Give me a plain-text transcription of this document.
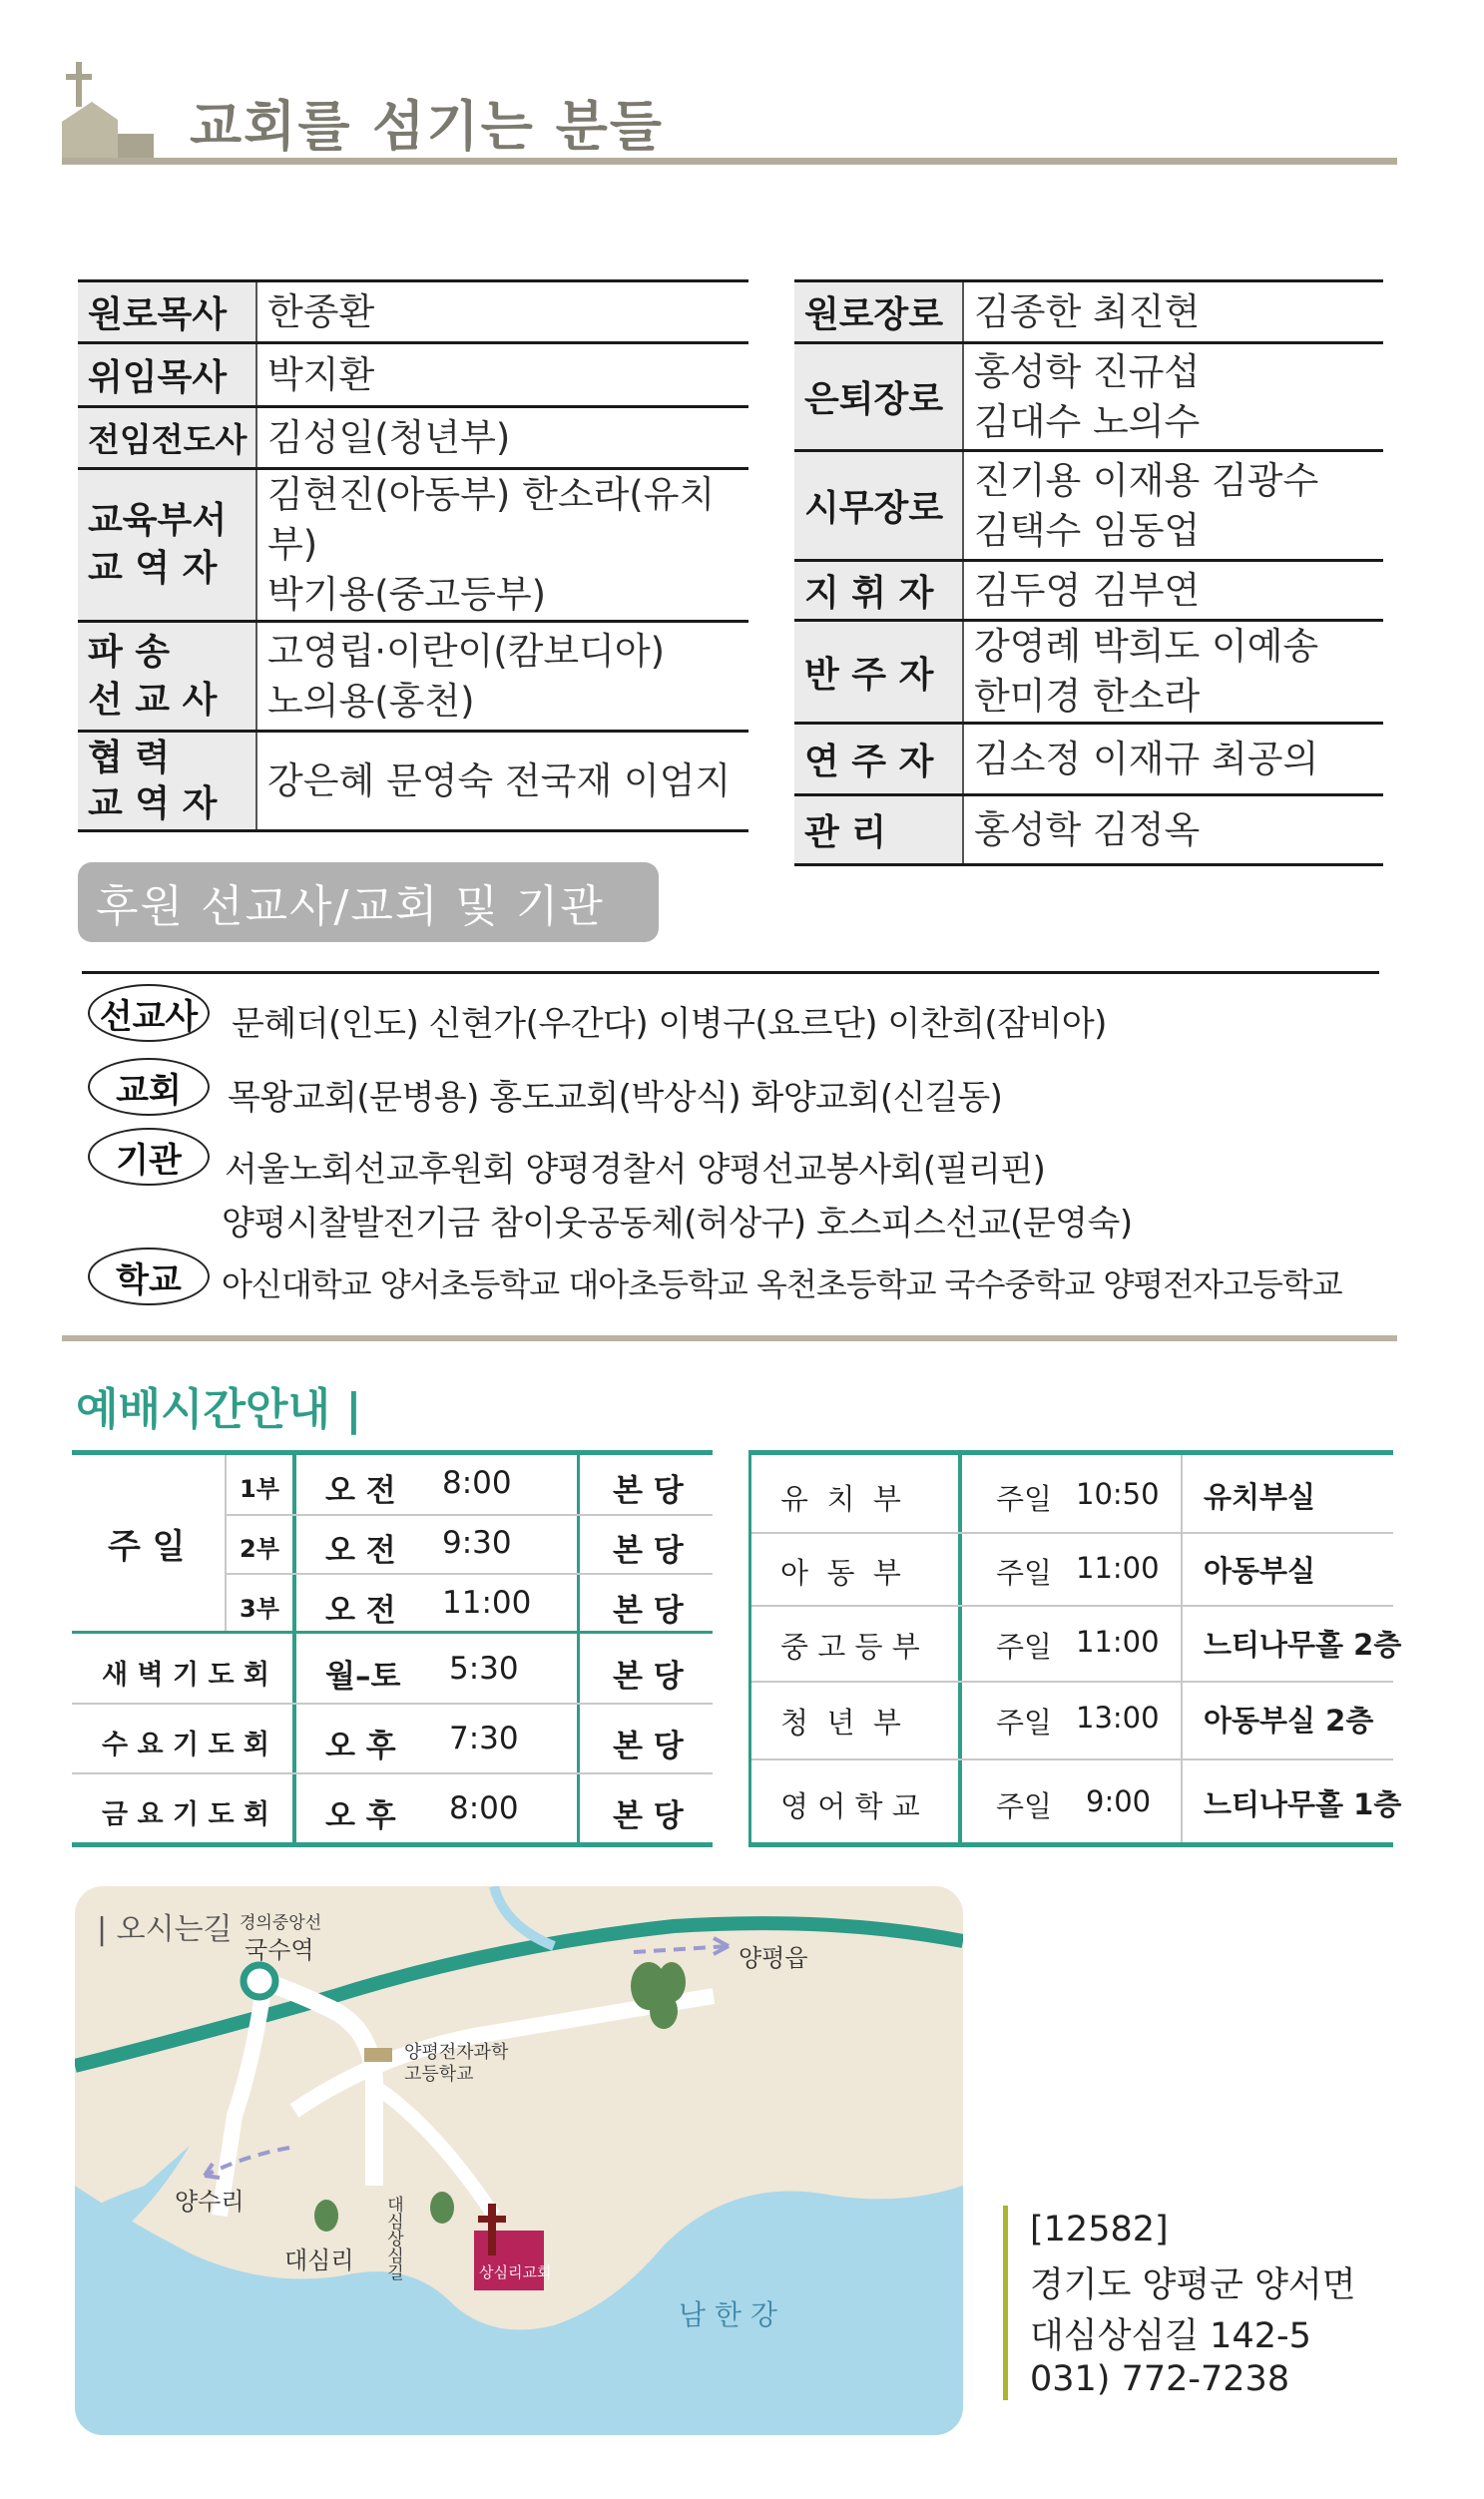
교회를 섬기는 분들
원로목사	한종환
위임목사	박지환
전임전도사	김성일(청년부)
교육부서
교 역 자	김현진(아동부) 한소라(유치부)
박기용(중고등부)
파 송
선 교 사	고영립·이란이(캄보디아)
노의용(홍천)
협 력
교 역 자	강은혜 문영숙 전국재 이엄지
원로장로	김종한 최진현
은퇴장로	홍성학 진규섭
김대수 노의수
시무장로	진기용 이재용 김광수
김택수 임동업
지 휘 자	김두영 김부연
반 주 자	강영례 박희도 이예송
한미경 한소라
연 주 자	김소정 이재규 최공의
관 리	홍성학 김정옥
후원 선교사/교회 및 기관
선교사 문혜더(인도) 신현가(우간다) 이병구(요르단) 이찬희(잠비아)
교회	목왕교회(문병용) 홍도교회(박상식) 화양교회(신길동)
기관	서울노회선교후원회 양평경찰서 양평선교봉사회(필리핀)
양평시찰발전기금 참이웃공동체(허상구) 호스피스선교(문영숙)
학교	아신대학교 양서초등학교 대아초등학교 옥천초등학교 국수중학교 양평전자고등학교
예배시간안내 |
주 일
1부 오 전 8:00	본 당
2부 오 전 9:30	본 당
3부 오 전 11:00	본 당
새 벽 기 도 회 월–토 5:30	본 당
수 요 기 도 회 오 후 7:30	본 당
금 요 기 도 회 오 후 8:00	본 당
유  치  부	주일 10:50 유치부실
아  동  부	주일 11:00 아동부실
중 고 등 부	주일 11:00 느티나무홀 2층
청  년  부	주일 13:00 아동부실 2층
영 어 학 교	주일 9:00 느티나무홀 1층
| 오시는길 경의중앙선
국수역	양평읍
양평전자과학
고등학교
양수리	대심상심길
대심리	상심리교회
남 한 강
[12582]
경기도 양평군 양서면
대심상심길 142-5
031) 772-7238
